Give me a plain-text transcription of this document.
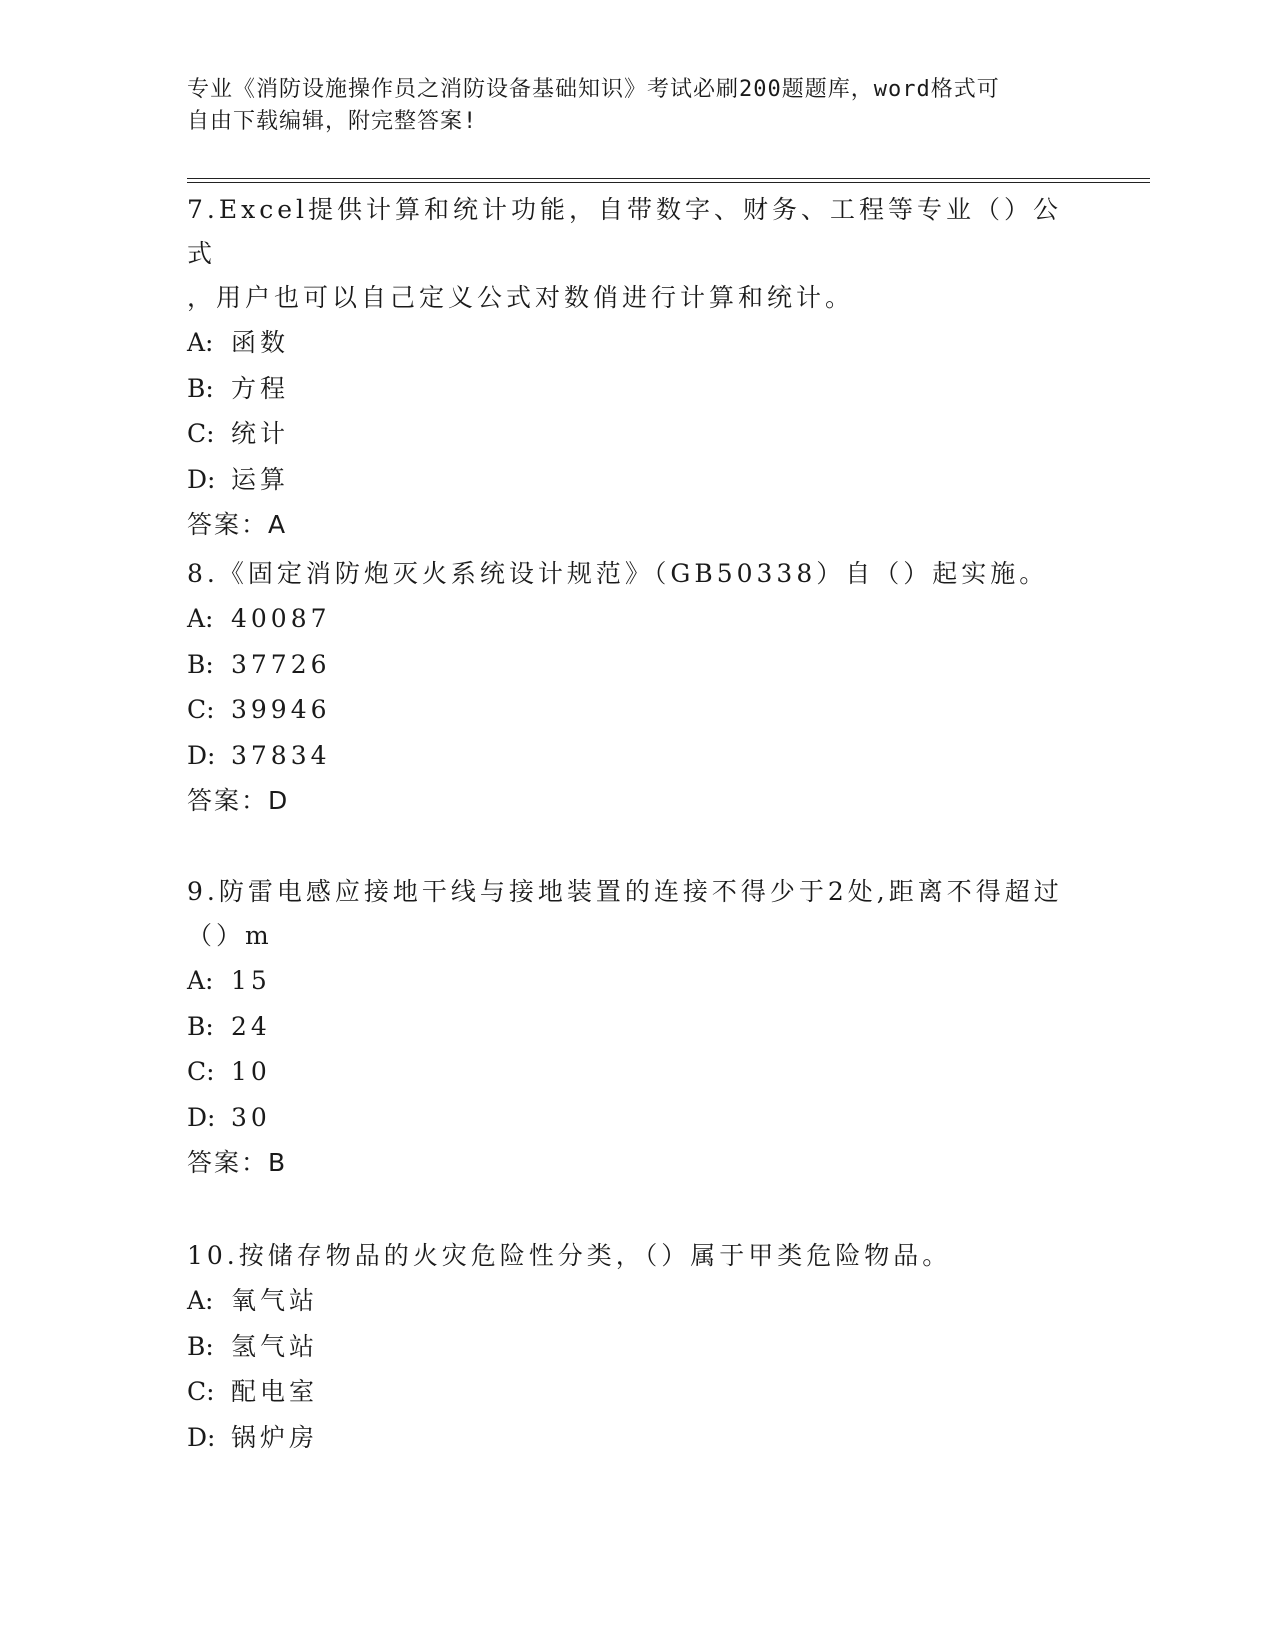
专业《消防设施操作员之消防设备基础知识》考试必刷200题题库，word格式可
自由下载编辑，附完整答案!

7.Excel提供计算和统计功能，自带数字、财务、工程等专业（）公式

，用户也可以自己定义公式对数俏进行计算和统计。

A: 函数

B: 方程

C: 统计

D: 运算

答案：A

8.《固定消防炮灭火系统设计规范》（GB50338）自（）起实施。

A: 40087

B: 37726

C: 39946

D: 37834

答案：D

9.防雷电感应接地干线与接地装置的连接不得少于2处,距离不得超过

（）m

A: 15

B: 24

C: 10

D: 30

答案：B

10.按储存物品的火灾危险性分类，（）属于甲类危险物品。

A: 氧气站

B: 氢气站

C: 配电室

D: 锅炉房
